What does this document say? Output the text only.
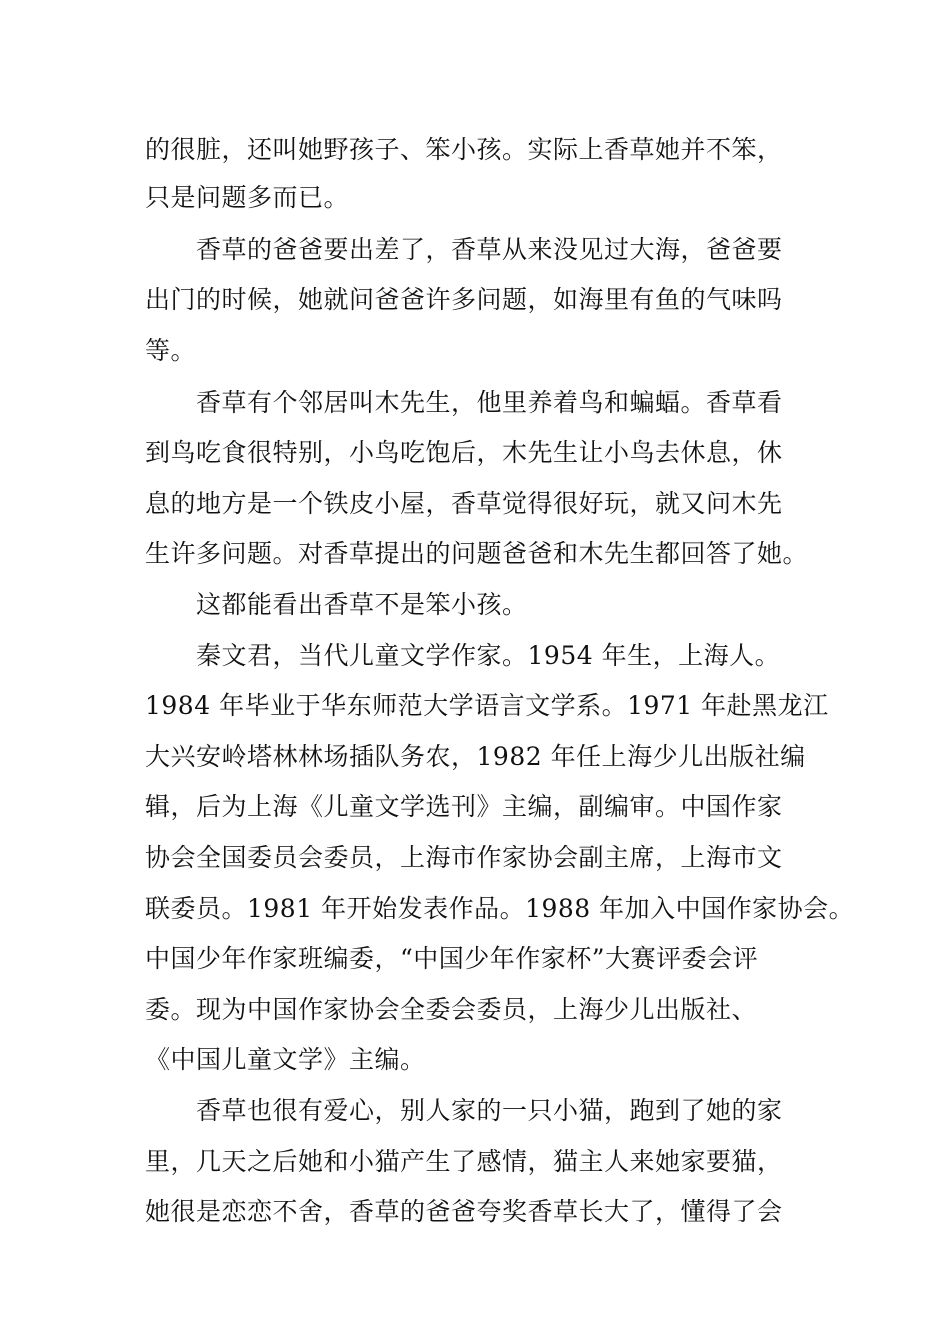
的很脏，还叫她野孩子、笨小孩。实际上香草她并不笨，
只是问题多而已。
香草的爸爸要出差了，香草从来没见过大海，爸爸要
出门的时候，她就问爸爸许多问题，如海里有鱼的气味吗
等。
香草有个邻居叫木先生，他里养着鸟和蝙蝠。香草看
到鸟吃食很特别，小鸟吃饱后，木先生让小鸟去休息，休
息的地方是一个铁皮小屋，香草觉得很好玩，就又问木先
生许多问题。对香草提出的问题爸爸和木先生都回答了她。
这都能看出香草不是笨小孩。
秦文君，当代儿童文学作家。1954 年生，上海人。
1984 年毕业于华东师范大学语言文学系。1971 年赴黑龙江
大兴安岭塔林林场插队务农，1982 年任上海少儿出版社编
辑，后为上海《儿童文学选刊》主编，副编审。中国作家
协会全国委员会委员，上海市作家协会副主席，上海市文
联委员。1981 年开始发表作品。1988 年加入中国作家协会。
中国少年作家班编委，“中国少年作家杯”大赛评委会评
委。现为中国作家协会全委会委员，上海少儿出版社、
《中国儿童文学》主编。
香草也很有爱心，别人家的一只小猫，跑到了她的家
里，几天之后她和小猫产生了感情，猫主人来她家要猫，
她很是恋恋不舍，香草的爸爸夸奖香草长大了，懂得了会
